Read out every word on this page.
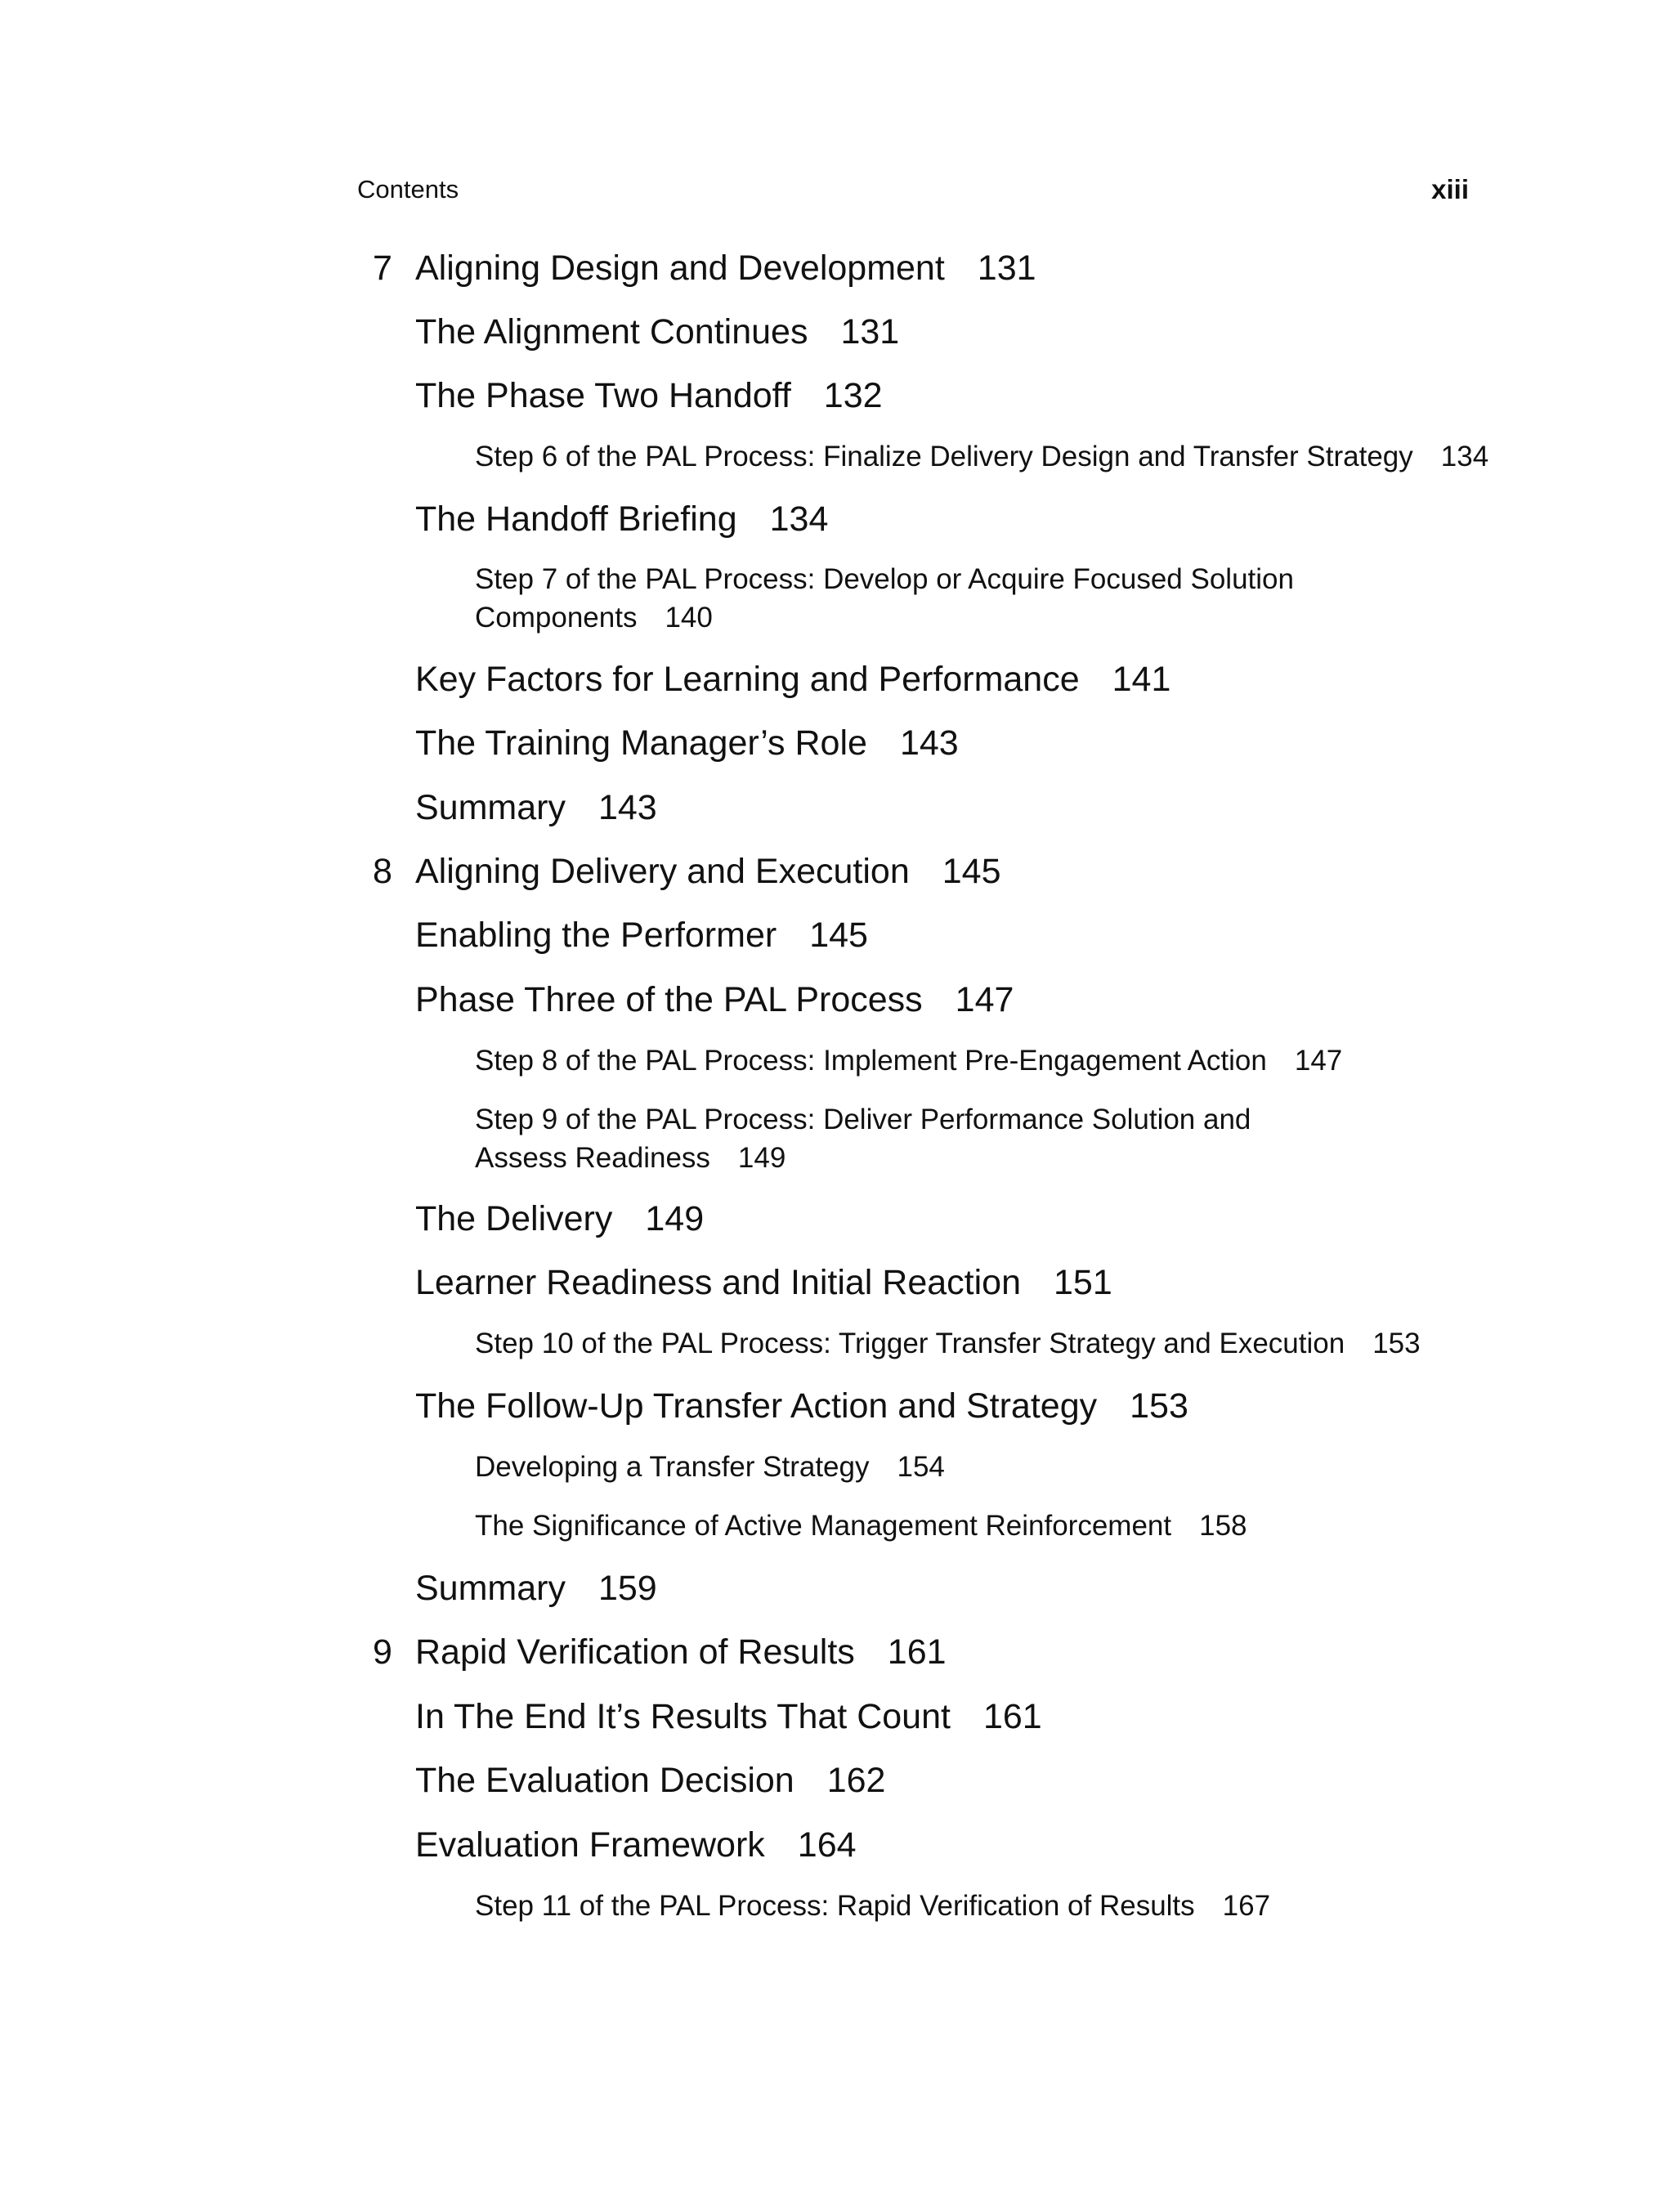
Contents	xiii
7 Aligning Design and Development 131
The Alignment Continues 131
The Phase Two Handoff 132
Step 6 of the PAL Process: Finalize Delivery Design and Transfer Strategy 134
The Handoff Briefing 134
Step 7 of the PAL Process: Develop or Acquire Focused Solution
Components 140
Key Factors for Learning and Performance 141
The Training Manager’s Role 143
Summary 143
8 Aligning Delivery and Execution 145
Enabling the Performer 145
Phase Three of the PAL Process 147
Step 8 of the PAL Process: Implement Pre-Engagement Action 147
Step 9 of the PAL Process: Deliver Performance Solution and
Assess Readiness 149
The Delivery 149
Learner Readiness and Initial Reaction 151
Step 10 of the PAL Process: Trigger Transfer Strategy and Execution 153
The Follow-Up Transfer Action and Strategy 153
Developing a Transfer Strategy 154
The Significance of Active Management Reinforcement 158
Summary 159
9 Rapid Verification of Results 161
In The End It’s Results That Count 161
The Evaluation Decision 162
Evaluation Framework 164
Step 11 of the PAL Process: Rapid Verification of Results 167
